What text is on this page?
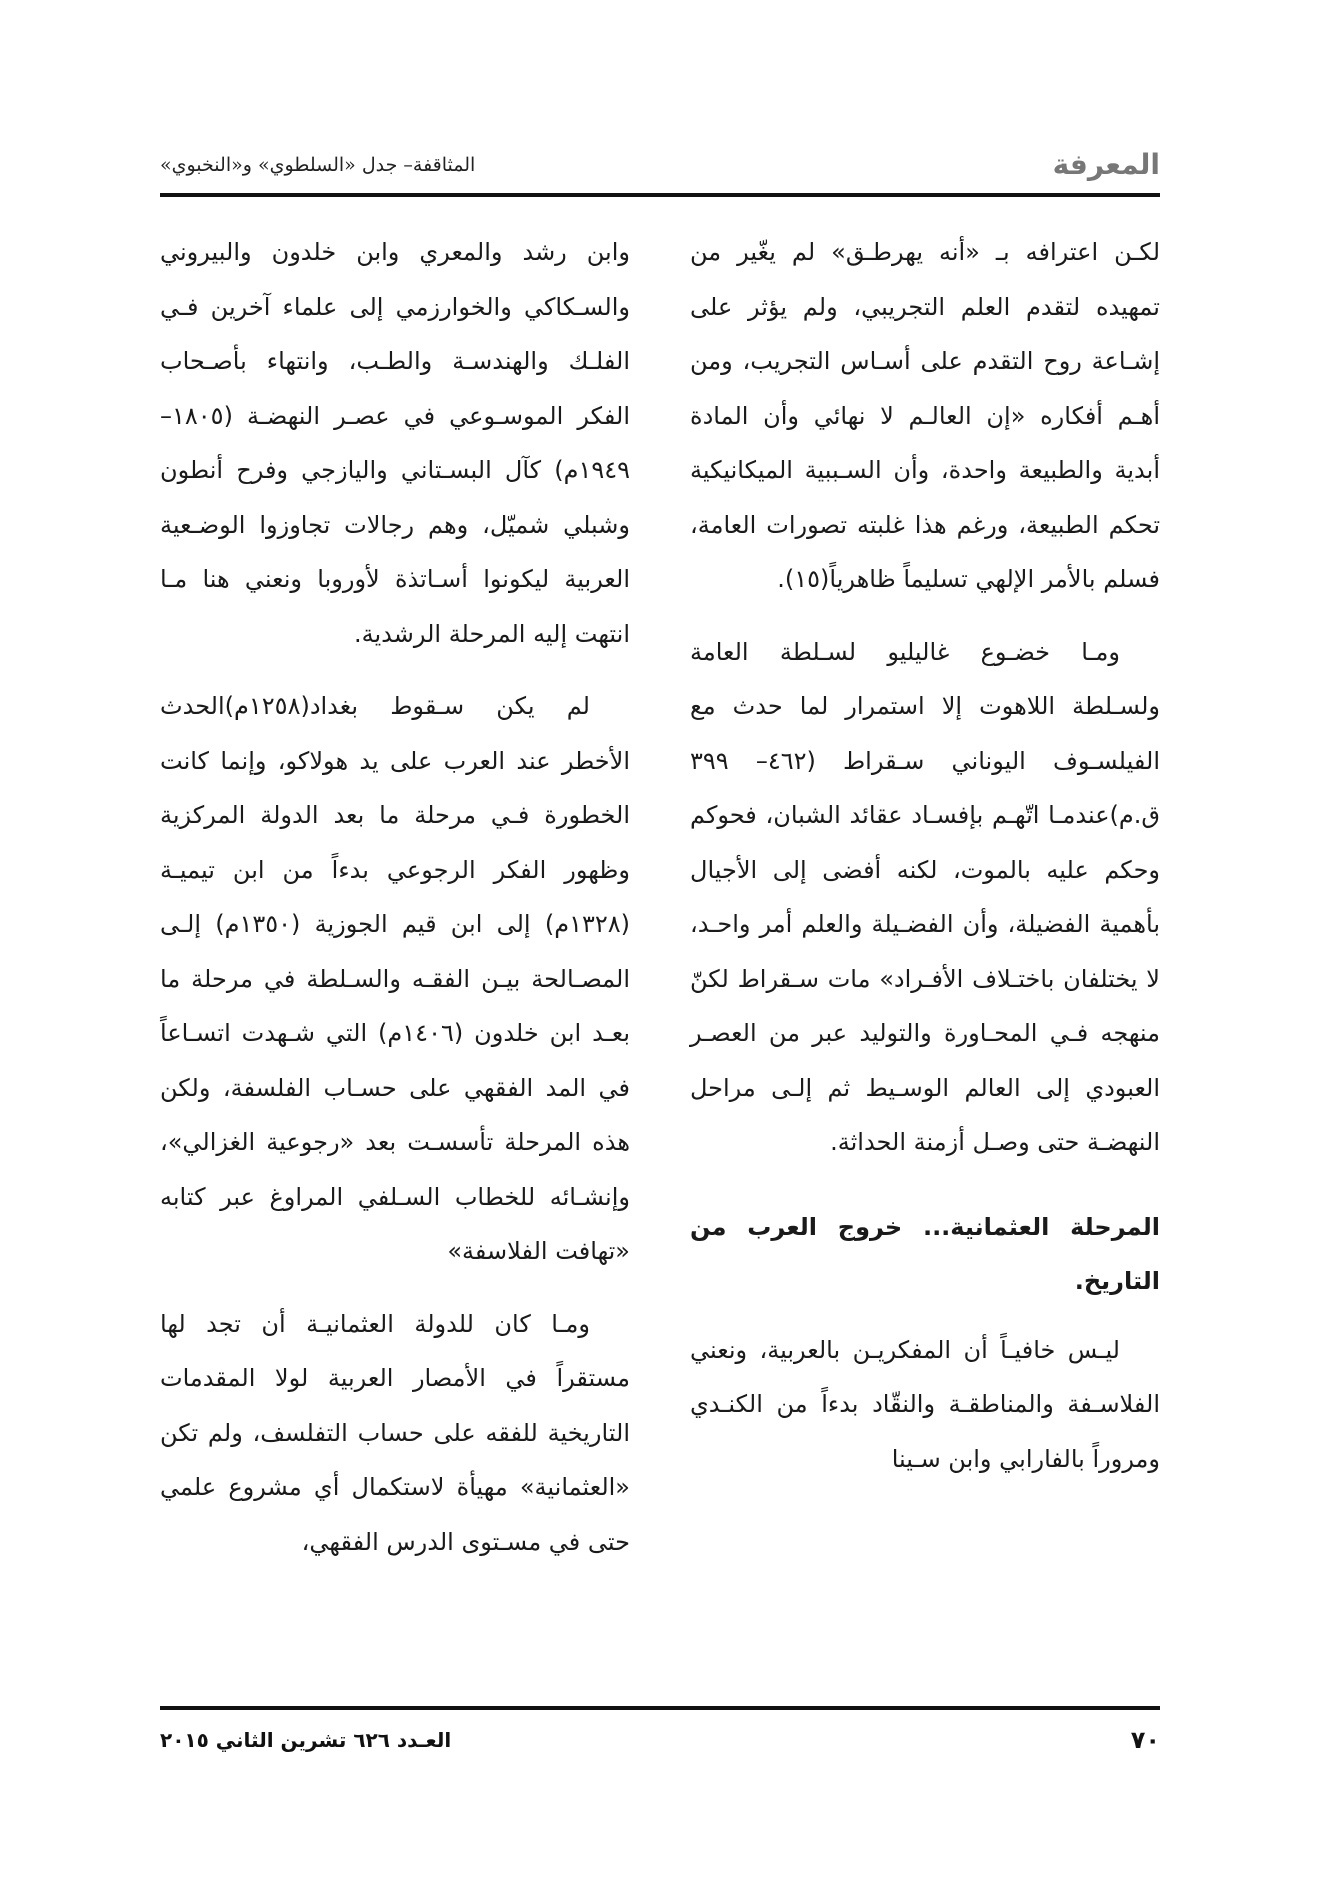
المعرفة
المثاقفة– جدل «السلطوي» و«النخبوي»

لكـن اعترافه بـ «أنه يهرطـق» لم يغّير من تمهيده لتقدم العلم التجريبي، ولم يؤثر على إشـاعة روح التقدم على أسـاس التجريب، ومن أهـم أفكاره «إن العالـم لا نهائي وأن المادة أبدية والطبيعة واحدة، وأن السـببية الميكانيكية تحكم الطبيعة، ورغم هذا غلبته تصورات العامة، فسلم بالأمر الإلهي تسليماً ظاهرياً(١٥).

ومـا خضـوع غاليليو لسـلطة العامة ولسـلطة اللاهوت إلا استمرار لما حدث مع الفيلسـوف اليوناني سـقراط (٤٦٢– ٣٩٩ ق.م)عندمـا اتّهـم بإفسـاد عقائد الشبان، فحوكم وحكم عليه بالموت، لكنه أفضى إلى الأجيال بأهمية الفضيلة، وأن الفضـيلة والعلم أمر واحـد، لا يختلفان باختـلاف الأفـراد» مات سـقراط لكنّ منهجه فـي المحـاورة والتوليد عبر من العصـر العبودي إلى العالم الوسـيط ثم إلـى مراحل النهضـة حتى وصـل أزمنة الحداثة.

المرحلة العثمانية... خروج العرب من التاريخ.

ليـس خافيـاً أن المفكريـن بالعربية، ونعني الفلاسـفة والمناطقـة والنقّاد بدءاً من الكنـدي ومروراً بالفارابي وابن سـينا

وابن رشد والمعري وابن خلدون والبيروني والسـكاكي والخوارزمي إلى علماء آخرين فـي الفلـك والهندسـة والطـب، وانتهاء بأصـحاب الفكر الموسـوعي في عصـر النهضـة (١٨٠٥–١٩٤٩م) كآل البسـتاني واليازجي وفرح أنطون وشبلي شميّل، وهم رجالات تجاوزوا الوضـعية العربية ليكونوا أسـاتذة لأوروبا ونعني هنا مـا انتهت إليه المرحلة الرشدية.

لم يكن سـقوط بغداد(١٢٥٨م)الحدث الأخطر عند العرب على يد هولاكو، وإنما كانت الخطورة فـي مرحلة ما بعد الدولة المركزية وظهور الفكر الرجوعي بدءاً من ابن تيميـة (١٣٢٨م) إلى ابن قيم الجوزية (١٣٥٠م) إلـى المصـالحة بيـن الفقـه والسـلطة في مرحلة ما بعـد ابن خلدون (١٤٠٦م) التي شـهدت اتسـاعاً في المد الفقهي على حسـاب الفلسفة، ولكن هذه المرحلة تأسسـت بعد «رجوعية الغزالي»، وإنشـائه للخطاب السـلفي المراوغ عبر كتابه «تهافت الفلاسفة»

ومـا كان للدولة العثمانيـة أن تجد لها مستقراً في الأمصار العربية لولا المقدمات التاريخية للفقه على حساب التفلسف، ولم تكن «العثمانية» مهيأة لاستكمال أي مشروع علمي حتى في مسـتوى الدرس الفقهي،

٧٠
العـدد ٦٢٦ تشرين الثاني ٢٠١٥
